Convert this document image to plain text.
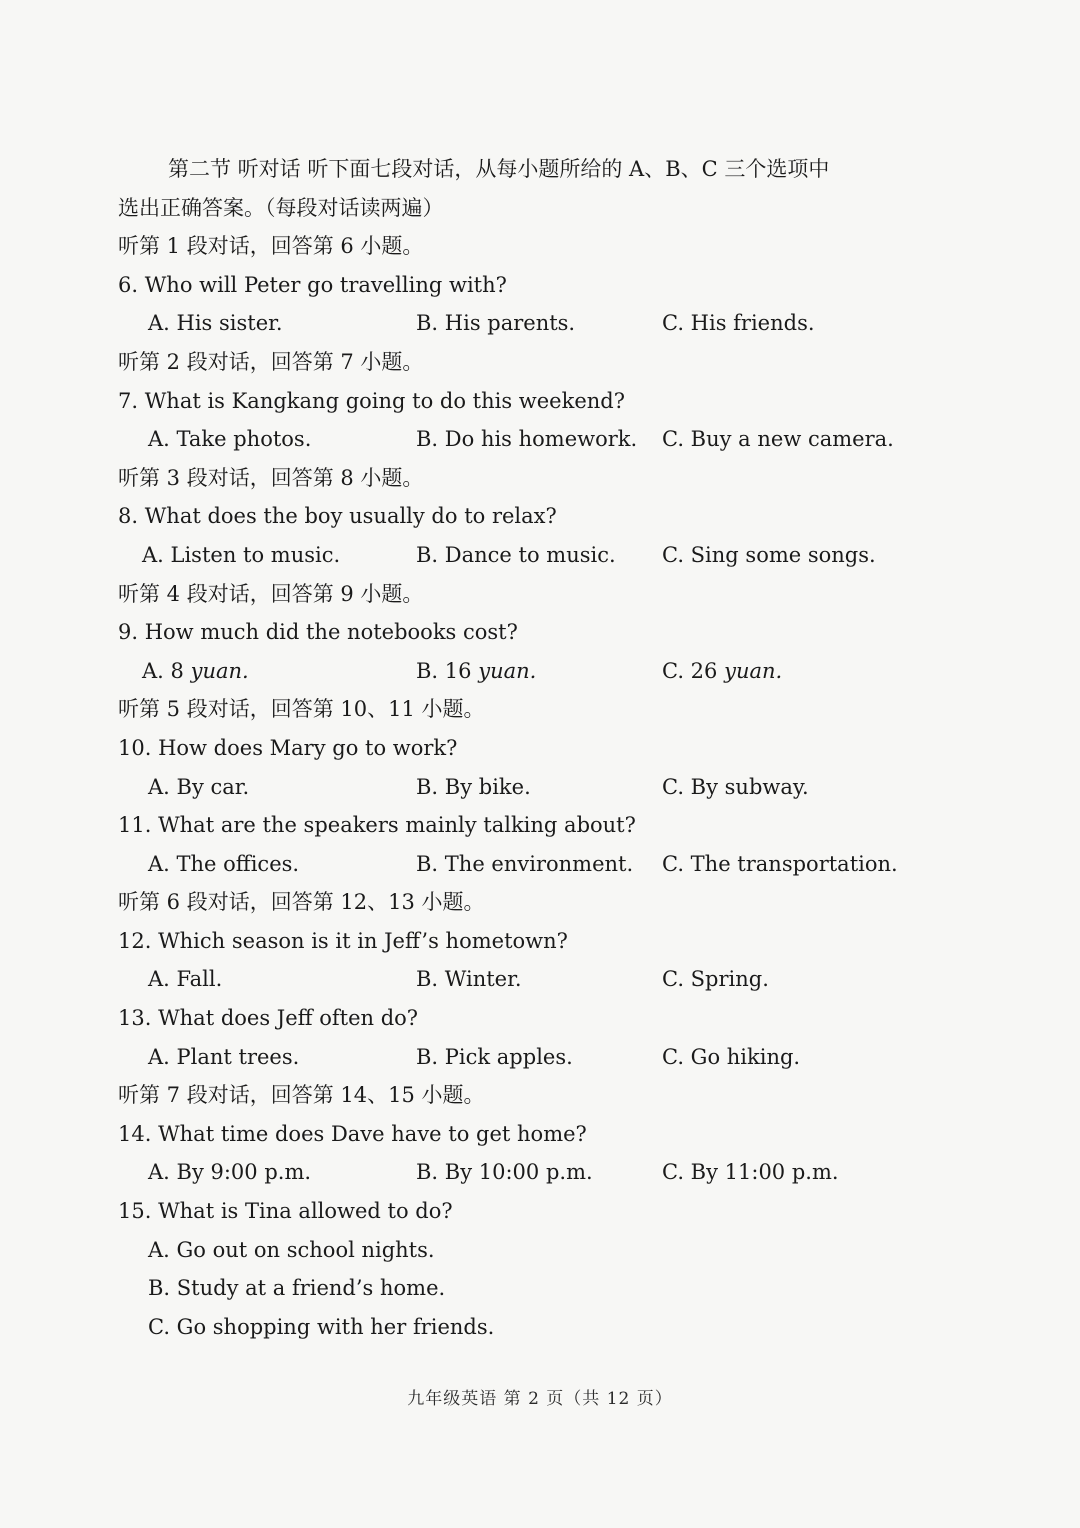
第二节 听对话 听下面七段对话，从每小题所给的 A、B、C 三个选项中
选出正确答案。（每段对话读两遍）
听第 1 段对话，回答第 6 小题。
6. Who will Peter go travelling with?
A. His sister.	B. His parents.	C. His friends.
听第 2 段对话，回答第 7 小题。
7. What is Kangkang going to do this weekend?
A. Take photos.	B. Do his homework. C. Buy a new camera.
听第 3 段对话，回答第 8 小题。
8. What does the boy usually do to relax?
A. Listen to music.	B. Dance to music. C. Sing some songs.
听第 4 段对话，回答第 9 小题。
9. How much did the notebooks cost?
A. 8 yuan.	B. 16 yuan.	C. 26 yuan.
听第 5 段对话，回答第 10、11 小题。
10. How does Mary go to work?
A. By car.	B. By bike.	C. By subway.
11. What are the speakers mainly talking about?
A. The offices.	B. The environment. C. The transportation.
听第 6 段对话，回答第 12、13 小题。
12. Which season is it in Jeff’s hometown?
A. Fall.	B. Winter.	C. Spring.
13. What does Jeff often do?
A. Plant trees.	B. Pick apples.	C. Go hiking.
听第 7 段对话，回答第 14、15 小题。
14. What time does Dave have to get home?
A. By 9:00 p.m.	B. By 10:00 p.m.	C. By 11:00 p.m.
15. What is Tina allowed to do?
A. Go out on school nights.
B. Study at a friend’s home.
C. Go shopping with her friends.
九年级英语 第 2 页（共 12 页）
